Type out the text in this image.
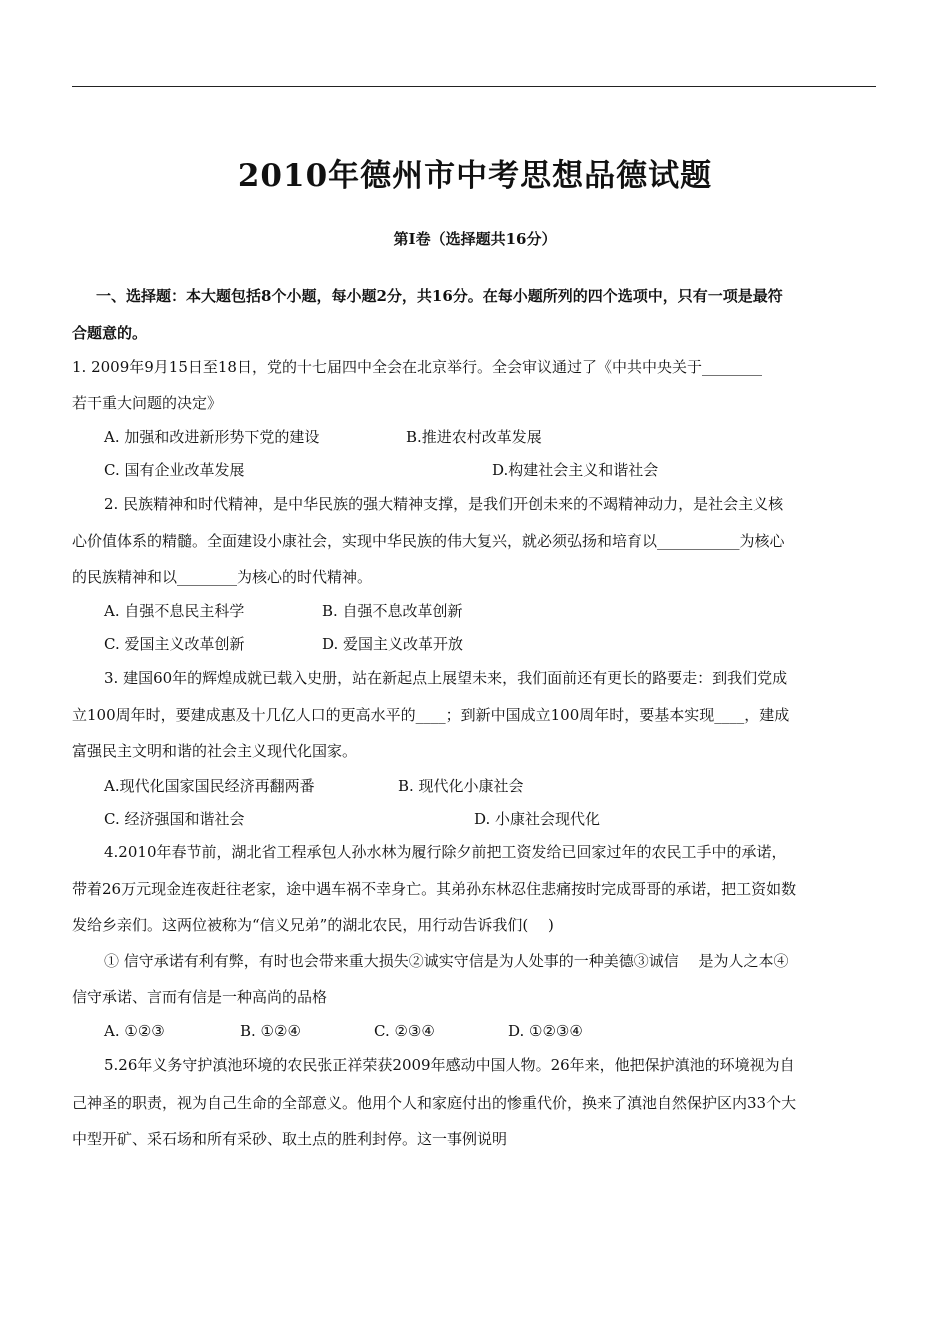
2010年德州市中考思想品德试题
第Ⅰ卷（选择题共16分）
一、选择题：本大题包括8个小题，每小题2分，共16分。在每小题所列的四个选项中，只有一项是最符
合题意的。
1. 2009年9月15日至18日，党的十七届四中全会在北京举行。全会审议通过了《中共中央关于________
若干重大问题的决定》
A. 加强和改进新形势下党的建设	B.推进农村改革发展
C. 国有企业改革发展	D.构建社会主义和谐社会
2. 民族精神和时代精神，是中华民族的强大精神支撑，是我们开创未来的不竭精神动力，是社会主义核
心价值体系的精髓。全面建设小康社会，实现中华民族的伟大复兴，就必须弘扬和培育以___________为核心
的民族精神和以________为核心的时代精神。
A. 自强不息民主科学	B. 自强不息改革创新
C. 爱国主义改革创新	D. 爱国主义改革开放
3. 建国60年的辉煌成就已载入史册，站在新起点上展望未来，我们面前还有更长的路要走：到我们党成
立100周年时，要建成惠及十几亿人口的更高水平的____；到新中国成立100周年时，要基本实现____，建成
富强民主文明和谐的社会主义现代化国家。
A.现代化国家国民经济再翻两番	B. 现代化小康社会
C. 经济强国和谐社会	D. 小康社会现代化
4.2010年春节前，湖北省工程承包人孙水林为履行除夕前把工资发给已回家过年的农民工手中的承诺，
带着26万元现金连夜赶往老家，途中遇车祸不幸身亡。其弟孙东林忍住悲痛按时完成哥哥的承诺，把工资如数
发给乡亲们。这两位被称为“信义兄弟”的湖北农民，用行动告诉我们(　 )
① 信守承诺有利有弊，有时也会带来重大损失②诚实守信是为人处事的一种美德③诚信　 是为人之本④
信守承诺、言而有信是一种高尚的品格
A. ①②③	B. ①②④	C. ②③④	D. ①②③④
5.26年义务守护滇池环境的农民张正祥荣获2009年感动中国人物。26年来，他把保护滇池的环境视为自
己神圣的职责，视为自己生命的全部意义。他用个人和家庭付出的惨重代价，换来了滇池自然保护区内33个大
中型开矿、采石场和所有采砂、取土点的胜利封停。这一事例说明
